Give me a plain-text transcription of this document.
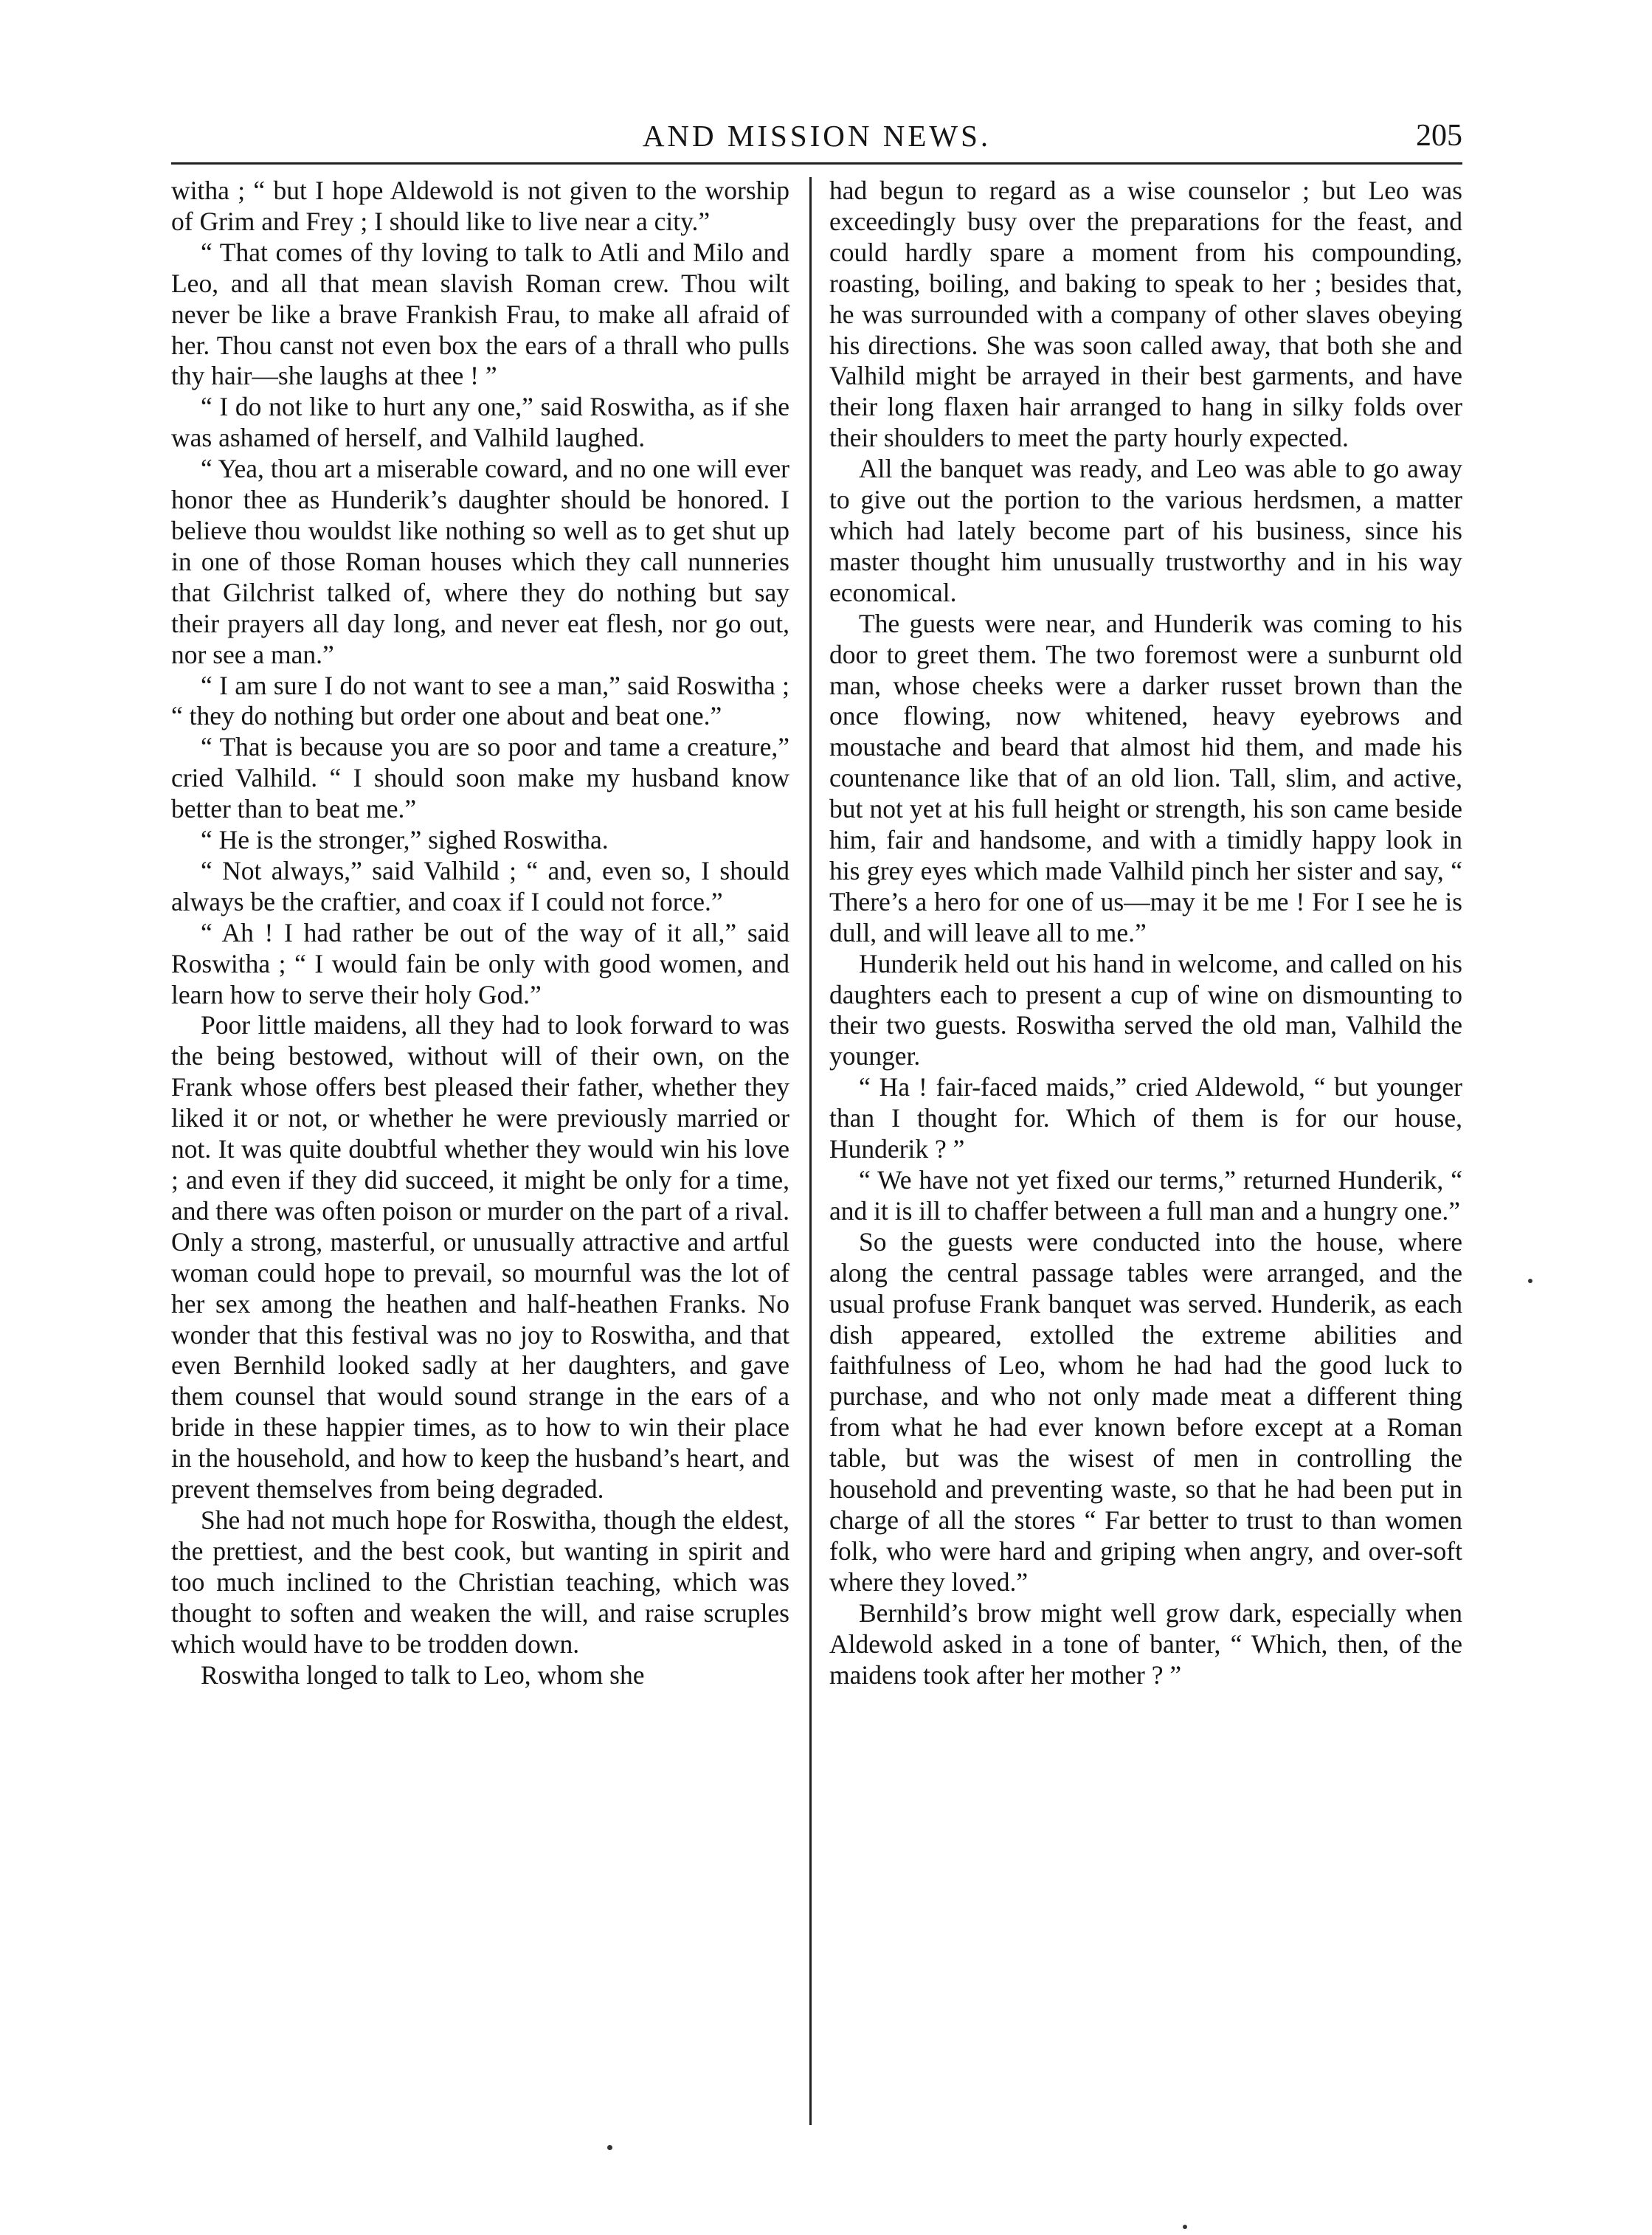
AND MISSION NEWS.	205

witha ; “ but I hope Aldewold is not given to the worship of Grim and Frey ; I should like to live near a city.”

“ That comes of thy loving to talk to Atli and Milo and Leo, and all that mean slavish Roman crew. Thou wilt never be like a brave Frankish Frau, to make all afraid of her. Thou canst not even box the ears of a thrall who pulls thy hair—she laughs at thee ! ”

“ I do not like to hurt any one,” said Roswitha, as if she was ashamed of herself, and Valhild laughed.

“ Yea, thou art a miserable coward, and no one will ever honor thee as Hunderik’s daughter should be honored. I believe thou wouldst like nothing so well as to get shut up in one of those Roman houses which they call nunneries that Gilchrist talked of, where they do nothing but say their prayers all day long, and never eat flesh, nor go out, nor see a man.”

“ I am sure I do not want to see a man,” said Roswitha ; “ they do nothing but order one about and beat one.”

“ That is because you are so poor and tame a creature,” cried Valhild. “ I should soon make my husband know better than to beat me.”

“ He is the stronger,” sighed Roswitha.

“ Not always,” said Valhild ; “ and, even so, I should always be the craftier, and coax if I could not force.”

“ Ah ! I had rather be out of the way of it all,” said Roswitha ; “ I would fain be only with good women, and learn how to serve their holy God.”

Poor little maidens, all they had to look forward to was the being bestowed, without will of their own, on the Frank whose offers best pleased their father, whether they liked it or not, or whether he were previously married or not. It was quite doubtful whether they would win his love ; and even if they did succeed, it might be only for a time, and there was often poison or murder on the part of a rival. Only a strong, masterful, or unusually attractive and artful woman could hope to prevail, so mournful was the lot of her sex among the heathen and half-heathen Franks. No wonder that this festival was no joy to Roswitha, and that even Bernhild looked sadly at her daughters, and gave them counsel that would sound strange in the ears of a bride in these happier times, as to how to win their place in the household, and how to keep the husband’s heart, and prevent themselves from being degraded.

She had not much hope for Roswitha, though the eldest, the prettiest, and the best cook, but wanting in spirit and too much inclined to the Christian teaching, which was thought to soften and weaken the will, and raise scruples which would have to be trodden down.

Roswitha longed to talk to Leo, whom she

had begun to regard as a wise counselor ; but Leo was exceedingly busy over the preparations for the feast, and could hardly spare a moment from his compounding, roasting, boiling, and baking to speak to her ; besides that, he was surrounded with a company of other slaves obeying his directions. She was soon called away, that both she and Valhild might be arrayed in their best garments, and have their long flaxen hair arranged to hang in silky folds over their shoulders to meet the party hourly expected.

All the banquet was ready, and Leo was able to go away to give out the portion to the various herdsmen, a matter which had lately become part of his business, since his master thought him unusually trustworthy and in his way economical.

The guests were near, and Hunderik was coming to his door to greet them. The two foremost were a sunburnt old man, whose cheeks were a darker russet brown than the once flowing, now whitened, heavy eyebrows and moustache and beard that almost hid them, and made his countenance like that of an old lion. Tall, slim, and active, but not yet at his full height or strength, his son came beside him, fair and handsome, and with a timidly happy look in his grey eyes which made Valhild pinch her sister and say, “ There’s a hero for one of us—may it be me ! For I see he is dull, and will leave all to me.”

Hunderik held out his hand in welcome, and called on his daughters each to present a cup of wine on dismounting to their two guests. Roswitha served the old man, Valhild the younger.

“ Ha ! fair-faced maids,” cried Aldewold, “ but younger than I thought for. Which of them is for our house, Hunderik ? ”

“ We have not yet fixed our terms,” returned Hunderik, “ and it is ill to chaffer between a full man and a hungry one.”

So the guests were conducted into the house, where along the central passage tables were arranged, and the usual profuse Frank banquet was served. Hunderik, as each dish appeared, extolled the extreme abilities and faithfulness of Leo, whom he had had the good luck to purchase, and who not only made meat a different thing from what he had ever known before except at a Roman table, but was the wisest of men in controlling the household and preventing waste, so that he had been put in charge of all the stores “ Far better to trust to than women folk, who were hard and griping when angry, and over-soft where they loved.”

Bernhild’s brow might well grow dark, especially when Aldewold asked in a tone of banter, “ Which, then, of the maidens took after her mother ? ”
